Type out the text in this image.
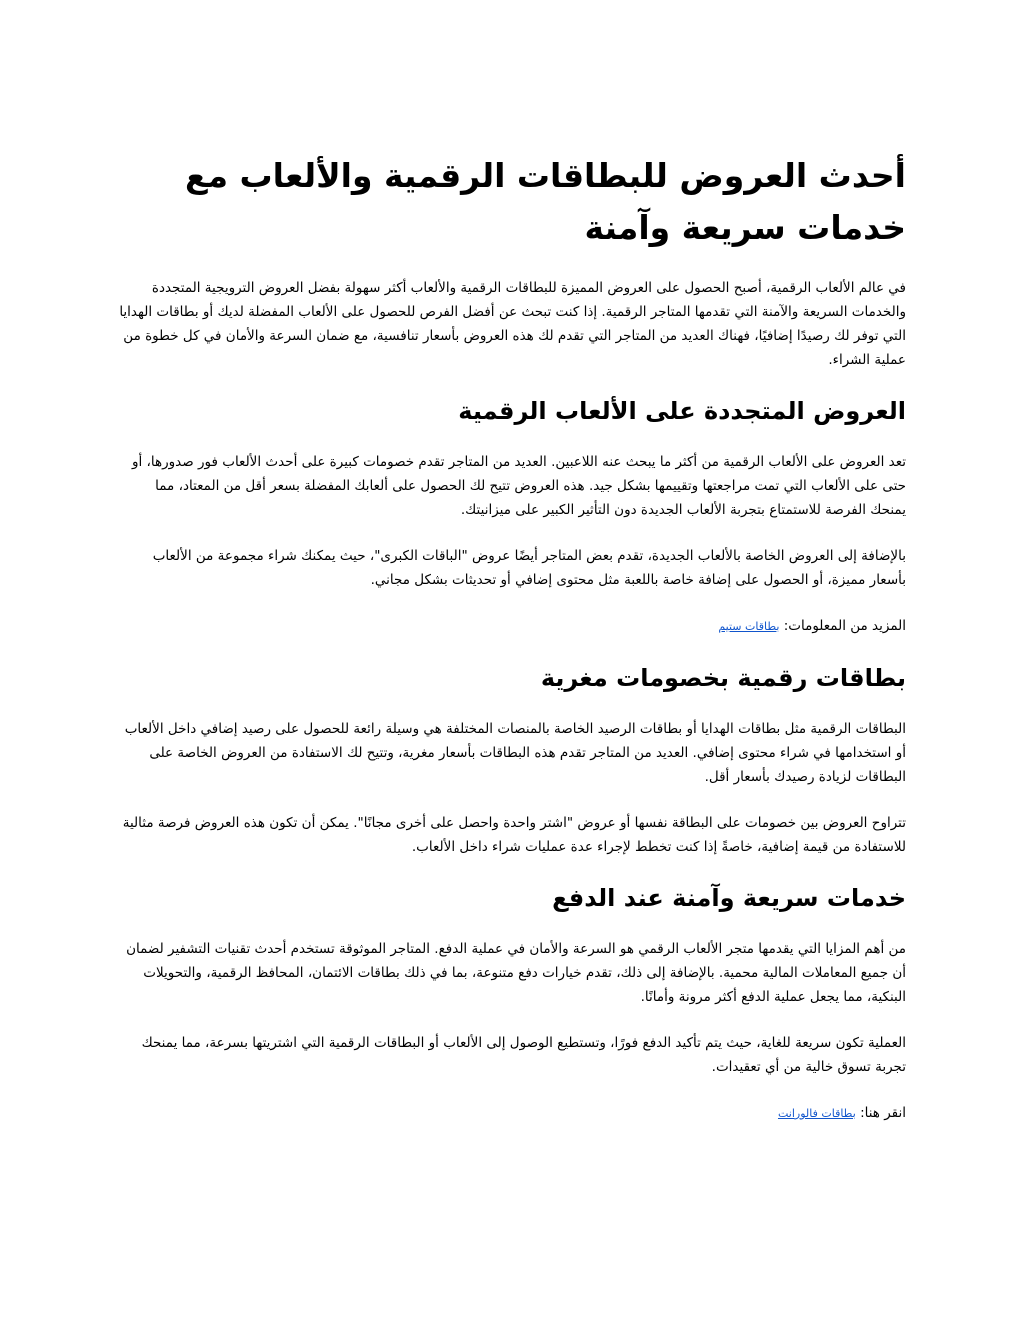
أحدث العروض للبطاقات الرقمية والألعاب مع خدمات سريعة وآمنة

في عالم الألعاب الرقمية، أصبح الحصول على العروض المميزة للبطاقات الرقمية والألعاب أكثر سهولة بفضل العروض الترويجية المتجددة والخدمات السريعة والآمنة التي تقدمها المتاجر الرقمية. إذا كنت تبحث عن أفضل الفرص للحصول على الألعاب المفضلة لديك أو بطاقات الهدايا التي توفر لك رصيدًا إضافيًا، فهناك العديد من المتاجر التي تقدم لك هذه العروض بأسعار تنافسية، مع ضمان السرعة والأمان في كل خطوة من عملية الشراء.

العروض المتجددة على الألعاب الرقمية

تعد العروض على الألعاب الرقمية من أكثر ما يبحث عنه اللاعبين. العديد من المتاجر تقدم خصومات كبيرة على أحدث الألعاب فور صدورها، أو حتى على الألعاب التي تمت مراجعتها وتقييمها بشكل جيد. هذه العروض تتيح لك الحصول على ألعابك المفضلة بسعر أقل من المعتاد، مما يمنحك الفرصة للاستمتاع بتجربة الألعاب الجديدة دون التأثير الكبير على ميزانيتك.

بالإضافة إلى العروض الخاصة بالألعاب الجديدة، تقدم بعض المتاجر أيضًا عروض "الباقات الكبرى"، حيث يمكنك شراء مجموعة من الألعاب بأسعار مميزة، أو الحصول على إضافة خاصة باللعبة مثل محتوى إضافي أو تحديثات بشكل مجاني.

المزيد من المعلومات: بطاقات ستيم
بطاقات رقمية بخصومات مغرية

البطاقات الرقمية مثل بطاقات الهدايا أو بطاقات الرصيد الخاصة بالمنصات المختلفة هي وسيلة رائعة للحصول على رصيد إضافي داخل الألعاب أو استخدامها في شراء محتوى إضافي. العديد من المتاجر تقدم هذه البطاقات بأسعار مغرية، وتتيح لك الاستفادة من العروض الخاصة على البطاقات لزيادة رصيدك بأسعار أقل.

تتراوح العروض بين خصومات على البطاقة نفسها أو عروض "اشتر واحدة واحصل على أخرى مجانًا". يمكن أن تكون هذه العروض فرصة مثالية للاستفادة من قيمة إضافية، خاصةً إذا كنت تخطط لإجراء عدة عمليات شراء داخل الألعاب.

خدمات سريعة وآمنة عند الدفع

من أهم المزايا التي يقدمها متجر الألعاب الرقمي هو السرعة والأمان في عملية الدفع. المتاجر الموثوقة تستخدم أحدث تقنيات التشفير لضمان أن جميع المعاملات المالية محمية. بالإضافة إلى ذلك، تقدم خيارات دفع متنوعة، بما في ذلك بطاقات الائتمان، المحافظ الرقمية، والتحويلات البنكية، مما يجعل عملية الدفع أكثر مرونة وأمانًا.

العملية تكون سريعة للغاية، حيث يتم تأكيد الدفع فورًا، وتستطيع الوصول إلى الألعاب أو البطاقات الرقمية التي اشتريتها بسرعة، مما يمنحك تجربة تسوق خالية من أي تعقيدات.

انقر هنا: بطاقات فالورانت
